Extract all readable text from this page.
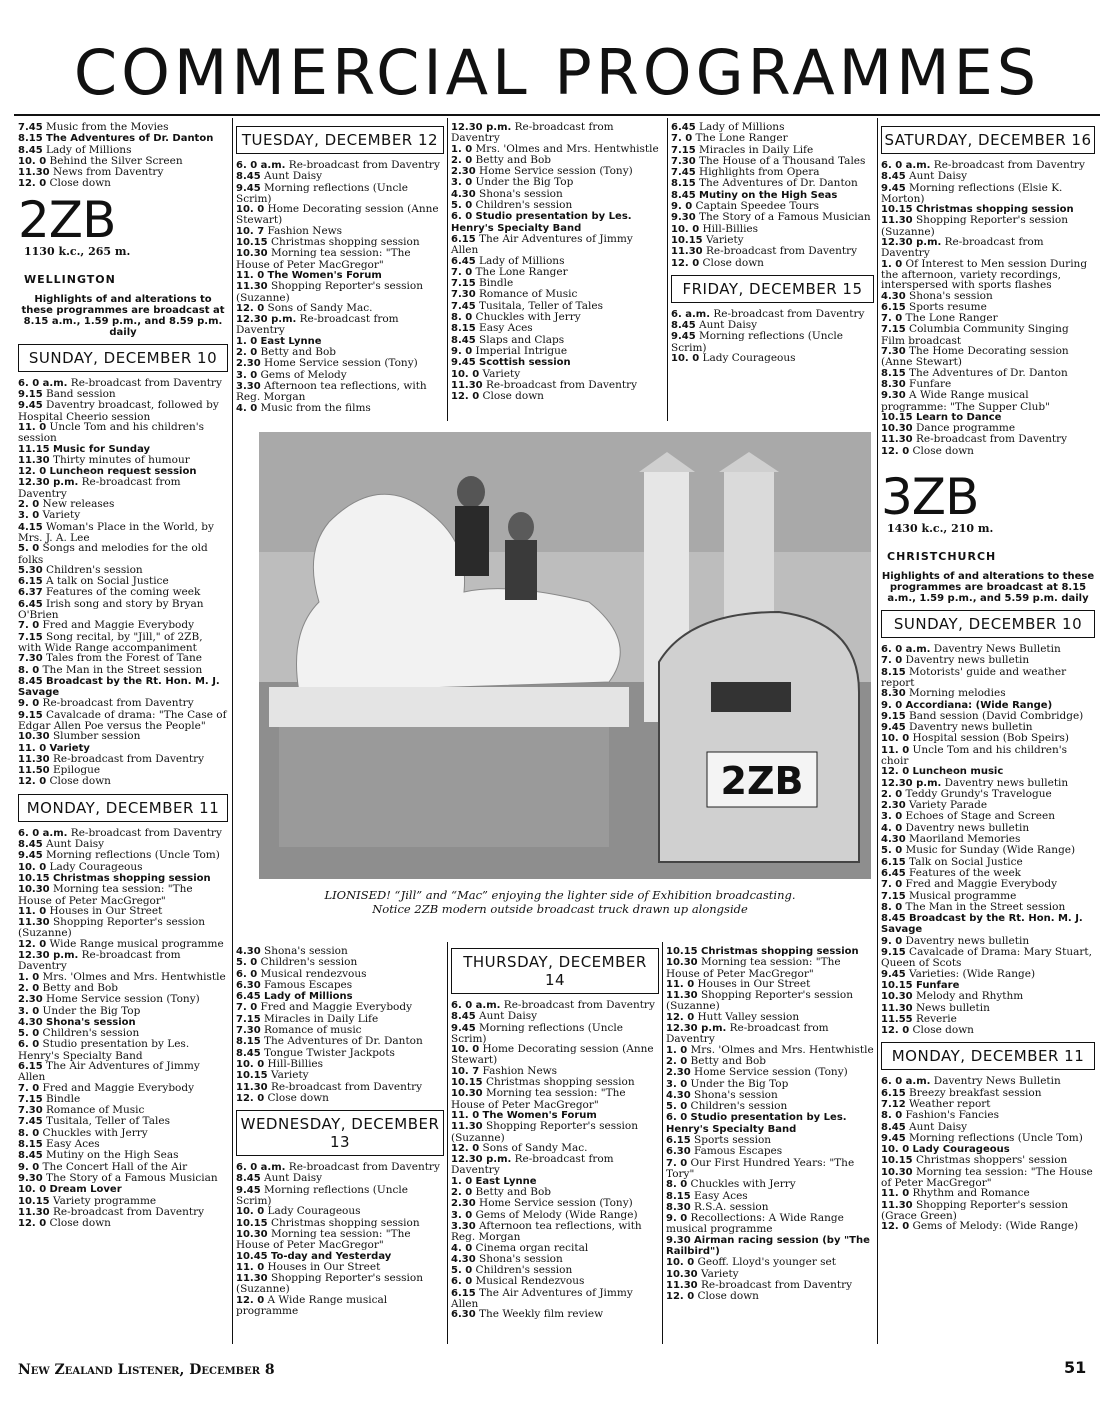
COMMERCIAL PROGRAMMES

7.45 Music from the Movies

8.15 The Adventures of Dr. Danton

8.45 Lady of Millions

10. 0 Behind the Silver Screen

11.30 News from Daventry

12. 0 Close down

2ZB
1130 k.c., 265 m.
WELLINGTON
Highlights of and alterations to these programmes are broadcast at 8.15 a.m., 1.59 p.m., and 8.59 p.m. daily
SUNDAY, DECEMBER 10

6. 0 a.m. Re-broadcast from Daventry

9.15 Band session

9.45 Daventry broadcast, followed by Hospital Cheerio session

11. 0 Uncle Tom and his children's session

11.15 Music for Sunday

11.30 Thirty minutes of humour

12. 0 Luncheon request session

12.30 p.m. Re-broadcast from Daventry

2. 0 New releases

3. 0 Variety

4.15 Woman's Place in the World, by Mrs. J. A. Lee

5. 0 Songs and melodies for the old folks

5.30 Children's session

6.15 A talk on Social Justice

6.37 Features of the coming week

6.45 Irish song and story by Bryan O'Brien

7. 0 Fred and Maggie Everybody

7.15 Song recital, by "Jill," of 2ZB, with Wide Range accompaniment

7.30 Tales from the Forest of Tane

8. 0 The Man in the Street session

8.45 Broadcast by the Rt. Hon. M. J. Savage

9. 0 Re-broadcast from Daventry

9.15 Cavalcade of drama: "The Case of Edgar Allen Poe versus the People"

10.30 Slumber session

11. 0 Variety

11.30 Re-broadcast from Daventry

11.50 Epilogue

12. 0 Close down

MONDAY, DECEMBER 11

6. 0 a.m. Re-broadcast from Daventry

8.45 Aunt Daisy

9.45 Morning reflections (Uncle Tom)

10. 0 Lady Courageous

10.15 Christmas shopping session

10.30 Morning tea session: "The House of Peter MacGregor"

11. 0 Houses in Our Street

11.30 Shopping Reporter's session (Suzanne)

12. 0 Wide Range musical programme

12.30 p.m. Re-broadcast from Daventry

1. 0 Mrs. 'Olmes and Mrs. Hentwhistle

2. 0 Betty and Bob

2.30 Home Service session (Tony)

3. 0 Under the Big Top

4.30 Shona's session

5. 0 Children's session

6. 0 Studio presentation by Les. Henry's Specialty Band

6.15 The Air Adventures of Jimmy Allen

7. 0 Fred and Maggie Everybody

7.15 Bindle

7.30 Romance of Music

7.45 Tusitala, Teller of Tales

8. 0 Chuckles with Jerry

8.15 Easy Aces

8.45 Mutiny on the High Seas

9. 0 The Concert Hall of the Air

9.30 The Story of a Famous Musician

10. 0 Dream Lover

10.15 Variety programme

11.30 Re-broadcast from Daventry

12. 0 Close down

TUESDAY, DECEMBER 12

6. 0 a.m. Re-broadcast from Daventry

8.45 Aunt Daisy

9.45 Morning reflections (Uncle Scrim)

10. 0 Home Decorating session (Anne Stewart)

10. 7 Fashion News

10.15 Christmas shopping session

10.30 Morning tea session: "The House of Peter MacGregor"

11. 0 The Women's Forum

11.30 Shopping Reporter's session (Suzanne)

12. 0 Sons of Sandy Mac.

12.30 p.m. Re-broadcast from Daventry

1. 0 East Lynne

2. 0 Betty and Bob

2.30 Home Service session (Tony)

3. 0 Gems of Melody

3.30 Afternoon tea reflections, with Reg. Morgan

4. 0 Music from the films

12.30 p.m. Re-broadcast from Daventry

1. 0 Mrs. 'Olmes and Mrs. Hentwhistle

2. 0 Betty and Bob

2.30 Home Service session (Tony)

3. 0 Under the Big Top

4.30 Shona's session

5. 0 Children's session

6. 0 Studio presentation by Les. Henry's Specialty Band

6.15 The Air Adventures of Jimmy Allen

6.45 Lady of Millions

7. 0 The Lone Ranger

7.15 Bindle

7.30 Romance of Music

7.45 Tusitala, Teller of Tales

8. 0 Chuckles with Jerry

8.15 Easy Aces

8.45 Slaps and Claps

9. 0 Imperial Intrigue

9.45 Scottish session

10. 0 Variety

11.30 Re-broadcast from Daventry

12. 0 Close down

6.45 Lady of Millions

7. 0 The Lone Ranger

7.15 Miracles in Daily Life

7.30 The House of a Thousand Tales

7.45 Highlights from Opera

8.15 The Adventures of Dr. Danton

8.45 Mutiny on the High Seas

9. 0 Captain Speedee Tours

9.30 The Story of a Famous Musician

10. 0 Hill-Billies

10.15 Variety

11.30 Re-broadcast from Daventry

12. 0 Close down

FRIDAY, DECEMBER 15

6. a.m. Re-broadcast from Daventry

8.45 Aunt Daisy

9.45 Morning reflections (Uncle Scrim)

10. 0 Lady Courageous

2ZB
LIONISED! “Jill” and “Mac” enjoying the lighter side of Exhibition broadcasting.
Notice 2ZB modern outside broadcast truck drawn up alongside

4.30 Shona's session

5. 0 Children's session

6. 0 Musical rendezvous

6.30 Famous Escapes

6.45 Lady of Millions

7. 0 Fred and Maggie Everybody

7.15 Miracles in Daily Life

7.30 Romance of music

8.15 The Adventures of Dr. Danton

8.45 Tongue Twister Jackpots

10. 0 Hill-Billies

10.15 Variety

11.30 Re-broadcast from Daventry

12. 0 Close down

WEDNESDAY, DECEMBER 13

6. 0 a.m. Re-broadcast from Daventry

8.45 Aunt Daisy

9.45 Morning reflections (Uncle Scrim)

10. 0 Lady Courageous

10.15 Christmas shopping session

10.30 Morning tea session: "The House of Peter MacGregor"

10.45 To-day and Yesterday

11. 0 Houses in Our Street

11.30 Shopping Reporter's session (Suzanne)

12. 0 A Wide Range musical programme

THURSDAY, DECEMBER 14

6. 0 a.m. Re-broadcast from Daventry

8.45 Aunt Daisy

9.45 Morning reflections (Uncle Scrim)

10. 0 Home Decorating session (Anne Stewart)

10. 7 Fashion News

10.15 Christmas shopping session

10.30 Morning tea session: "The House of Peter MacGregor"

11. 0 The Women's Forum

11.30 Shopping Reporter's session (Suzanne)

12. 0 Sons of Sandy Mac.

12.30 p.m. Re-broadcast from Daventry

1. 0 East Lynne

2. 0 Betty and Bob

2.30 Home Service session (Tony)

3. 0 Gems of Melody (Wide Range)

3.30 Afternoon tea reflections, with Reg. Morgan

4. 0 Cinema organ recital

4.30 Shona's session

5. 0 Children's session

6. 0 Musical Rendezvous

6.15 The Air Adventures of Jimmy Allen

6.30 The Weekly film review

10.15 Christmas shopping session

10.30 Morning tea session: "The House of Peter MacGregor"

11. 0 Houses in Our Street

11.30 Shopping Reporter's session (Suzanne)

12. 0 Hutt Valley session

12.30 p.m. Re-broadcast from Daventry

1. 0 Mrs. 'Olmes and Mrs. Hentwhistle

2. 0 Betty and Bob

2.30 Home Service session (Tony)

3. 0 Under the Big Top

4.30 Shona's session

5. 0 Children's session

6. 0 Studio presentation by Les. Henry's Specialty Band

6.15 Sports session

6.30 Famous Escapes

7. 0 Our First Hundred Years: "The Tory"

8. 0 Chuckles with Jerry

8.15 Easy Aces

8.30 R.S.A. session

9. 0 Recollections: A Wide Range musical programme

9.30 Airman racing session (by "The Railbird")

10. 0 Geoff. Lloyd's younger set

10.30 Variety

11.30 Re-broadcast from Daventry

12. 0 Close down

SATURDAY, DECEMBER 16

6. 0 a.m. Re-broadcast from Daventry

8.45 Aunt Daisy

9.45 Morning reflections (Elsie K. Morton)

10.15 Christmas shopping session

11.30 Shopping Reporter's session (Suzanne)

12.30 p.m. Re-broadcast from Daventry

1. 0 Of Interest to Men session During the afternoon, variety recordings, interspersed with sports flashes

4.30 Shona's session

6.15 Sports resume

7. 0 The Lone Ranger

7.15 Columbia Community Singing Film broadcast

7.30 The Home Decorating session (Anne Stewart)

8.15 The Adventures of Dr. Danton

8.30 Funfare

9.30 A Wide Range musical programme: "The Supper Club"

10.15 Learn to Dance

10.30 Dance programme

11.30 Re-broadcast from Daventry

12. 0 Close down

3ZB
1430 k.c., 210 m.
CHRISTCHURCH
Highlights of and alterations to these programmes are broadcast at 8.15 a.m., 1.59 p.m., and 5.59 p.m. daily
SUNDAY, DECEMBER 10

6. 0 a.m. Daventry News Bulletin

7. 0 Daventry news bulletin

8.15 Motorists' guide and weather report

8.30 Morning melodies

9. 0 Accordiana: (Wide Range)

9.15 Band session (David Combridge)

9.45 Daventry news bulletin

10. 0 Hospital session (Bob Speirs)

11. 0 Uncle Tom and his children's choir

12. 0 Luncheon music

12.30 p.m. Daventry news bulletin

2. 0 Teddy Grundy's Travelogue

2.30 Variety Parade

3. 0 Echoes of Stage and Screen

4. 0 Daventry news bulletin

4.30 Maoriland Memories

5. 0 Music for Sunday (Wide Range)

6.15 Talk on Social Justice

6.45 Features of the week

7. 0 Fred and Maggie Everybody

7.15 Musical programme

8. 0 The Man in the Street session

8.45 Broadcast by the Rt. Hon. M. J. Savage

9. 0 Daventry news bulletin

9.15 Cavalcade of Drama: Mary Stuart, Queen of Scots

9.45 Varieties: (Wide Range)

10.15 Funfare

10.30 Melody and Rhythm

11.30 News bulletin

11.55 Reverie

12. 0 Close down

MONDAY, DECEMBER 11

6. 0 a.m. Daventry News Bulletin

6.15 Breezy breakfast session

7.12 Weather report

8. 0 Fashion's Fancies

8.45 Aunt Daisy

9.45 Morning reflections (Uncle Tom)

10. 0 Lady Courageous

10.15 Christmas shoppers' session

10.30 Morning tea session: "The House of Peter MacGregor"

11. 0 Rhythm and Romance

11.30 Shopping Reporter's session (Grace Green)

12. 0 Gems of Melody: (Wide Range)

New Zealand Listener, December 8	51
